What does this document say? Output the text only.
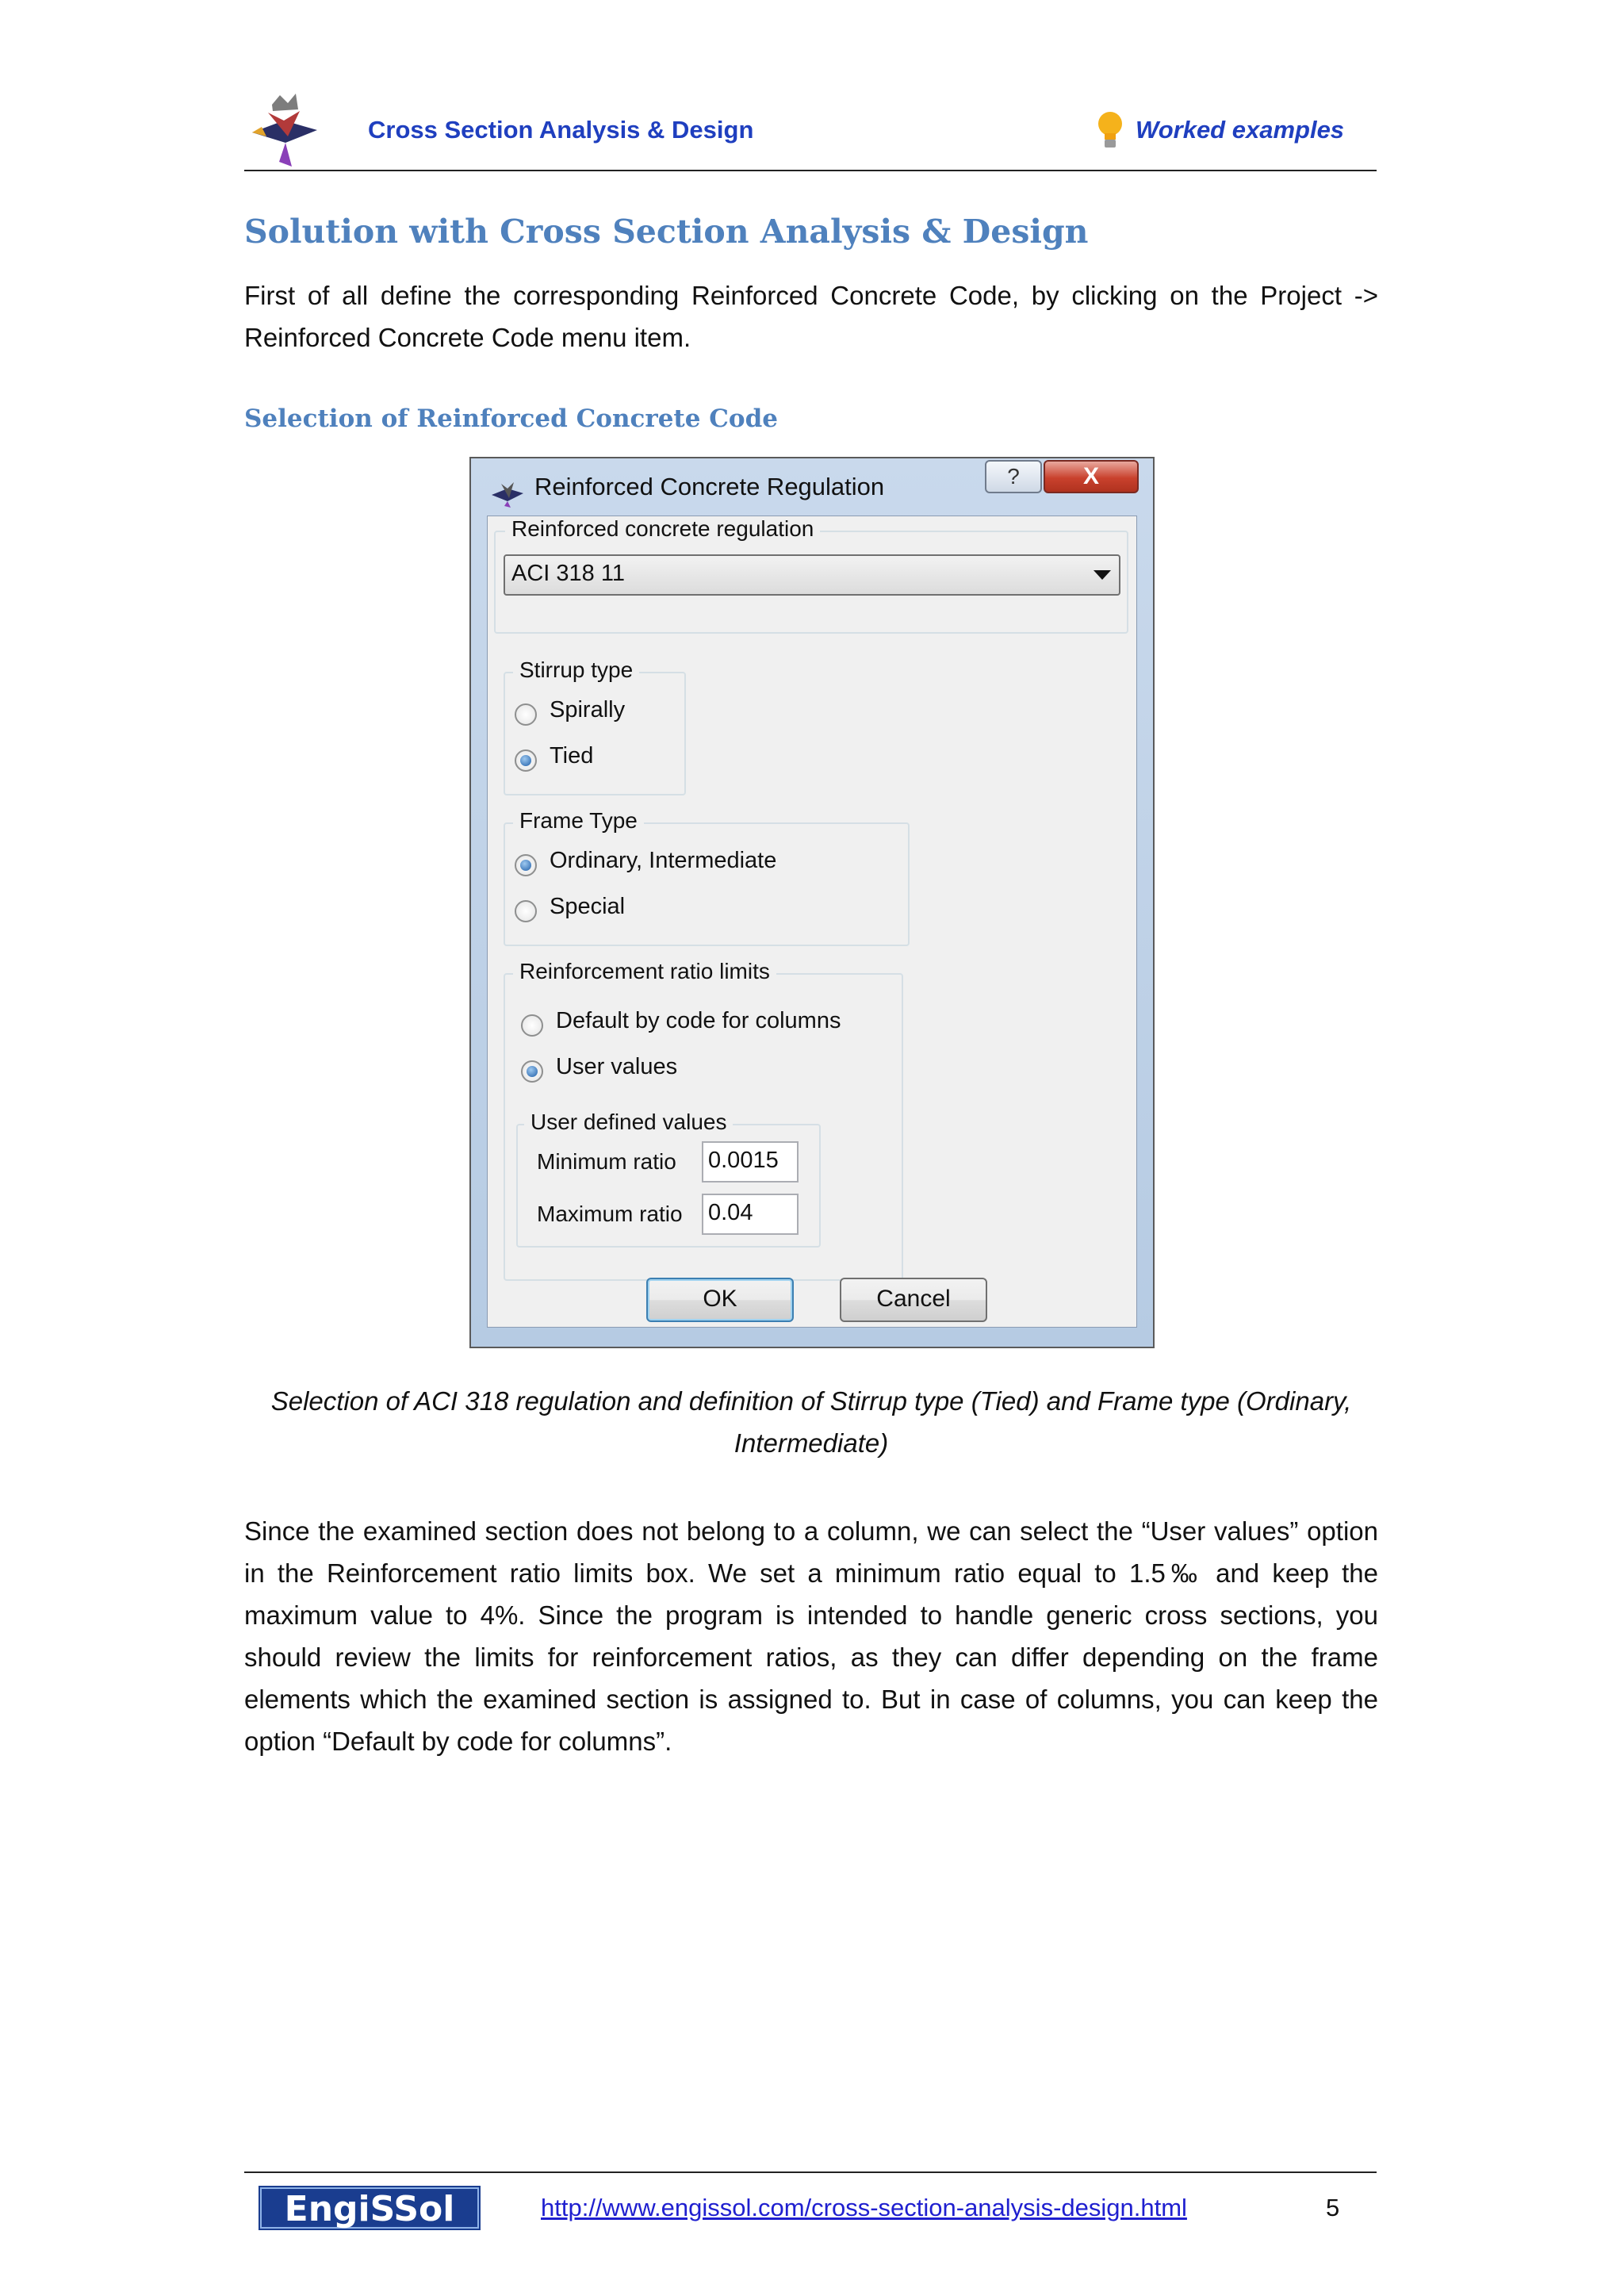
Cross Section Analysis & Design	Worked examples
Solution with Cross Section Analysis & Design
First of all define the corresponding Reinforced Concrete Code, by clicking on the Project -> Reinforced Concrete Code menu item.
Selection of Reinforced Concrete Code
Reinforced Concrete Regulation	?	X
Reinforced concrete regulation
ACI 318 11
Stirrup type
Spirally
Tied
Frame Type
Ordinary, Intermediate
Special
Reinforcement ratio limits
Default by code for columns
User values
User defined values
Minimum ratio 0.0015
Maximum ratio 0.04
OK	Cancel
Selection of ACI 318 regulation and definition of Stirrup type (Tied) and Frame type (Ordinary, Intermediate)
Since the examined section does not belong to a column, we can select the “User values” option in the Reinforcement ratio limits box. We set a minimum ratio equal to 1.5‰ and keep the maximum value to 4%. Since the program is intended to handle generic cross sections, you should review the limits for reinforcement ratios, as they can differ depending on the frame elements which the examined section is assigned to. But in case of columns, you can keep the option “Default by code for columns”.
EngiSSol	http://www.engissol.com/cross-section-analysis-design.html	5
